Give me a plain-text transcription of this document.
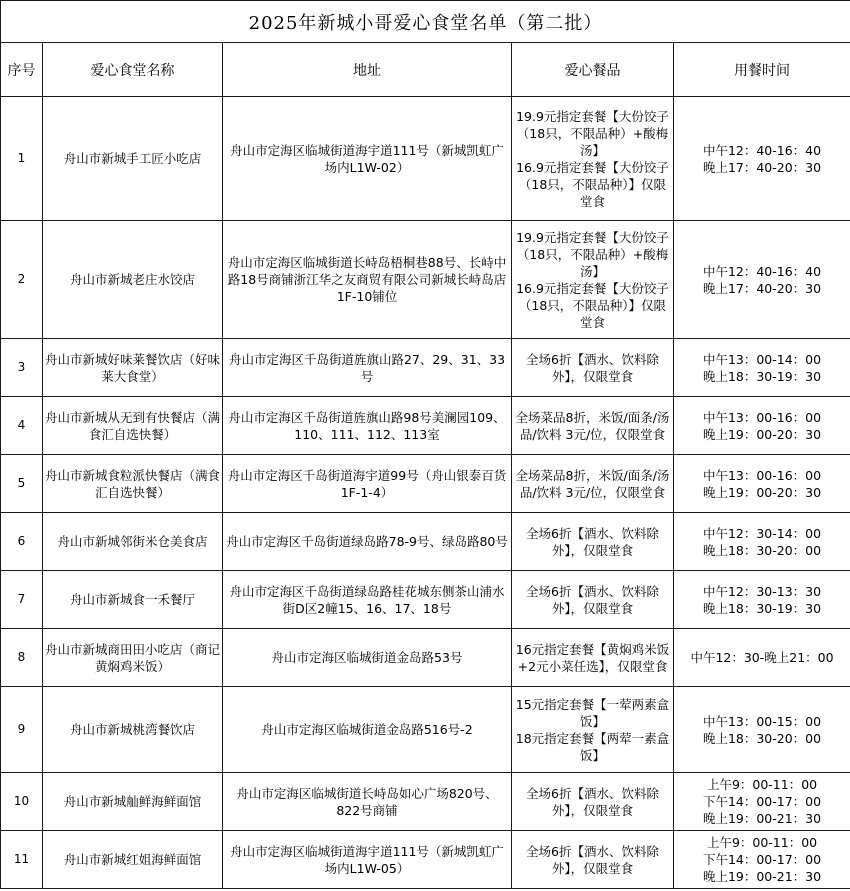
2025年新城小哥爱心食堂名单（第二批）				
序号	爱心食堂名称	地址	爱心餐品	用餐时间
1	舟山市新城手工匠小吃店	舟山市定海区临城街道海宇道111号（新城凯虹广场内L1W-02）	19.9元指定套餐【大份饺子（18只，不限品种）+酸梅汤】
16.9元指定套餐【大份饺子（18只，不限品种）】仅限堂食	中午12：40-16：40
晚上17：40-20：30
2	舟山市新城老庄水饺店	舟山市定海区临城街道长峙岛梧桐巷88号、长峙中路18号商铺浙江华之友商贸有限公司新城长峙岛店1F-10铺位	19.9元指定套餐【大份饺子（18只，不限品种）+酸梅汤】
16.9元指定套餐【大份饺子（18只，不限品种）】仅限堂食	中午12：40-16：40
晚上17：40-20：30
3	舟山市新城好味莱餐饮店（好味莱大食堂）	舟山市定海区千岛街道旌旗山路27、29、31、33号	全场6折【酒水、饮料除外】，仅限堂食	中午13：00-14：00
晚上18：30-19：30
4	舟山市新城从无到有快餐店（满食汇自选快餐）	舟山市定海区千岛街道旌旗山路98号美澜园109、110、111、112、113室	全场菜品8折，米饭/面条/汤品/饮料 3元/位，仅限堂食	中午13：00-16：00
晚上19：00-20：30
5	舟山市新城食粒派快餐店（满食汇自选快餐）	舟山市定海区千岛街道海宇道99号（舟山银泰百货1F-1-4）	全场菜品8折，米饭/面条/汤品/饮料 3元/位，仅限堂食	中午13：00-16：00
晚上19：00-20：30
6	舟山市新城邻街米仓美食店	舟山市定海区千岛街道绿岛路78-9号、绿岛路80号	全场6折【酒水、饮料除外】，仅限堂食	中午12：30-14：00
晚上18：30-20：00
7	舟山市新城食一禾餐厅	舟山市定海区千岛街道绿岛路桂花城东侧茶山浦水街D区2幢15、16、17、18号	全场6折【酒水、饮料除外】，仅限堂食	中午12：30-13：30
晚上18：30-19：30
8	舟山市新城商田田小吃店（商记黄焖鸡米饭）	舟山市定海区临城街道金岛路53号	16元指定套餐【黄焖鸡米饭+2元小菜任选】，仅限堂食	中午12：30-晚上21：00
9	舟山市新城桃湾餐饮店	舟山市定海区临城街道金岛路516号-2	15元指定套餐【一荤两素盒饭】
18元指定套餐【两荤一素盒饭】	中午13：00-15：00
晚上18：30-20：00
10	舟山市新城舢鲜海鲜面馆	舟山市定海区临城街道长峙岛如心广场820号、822号商铺	全场6折【酒水、饮料除外】，仅限堂食	上午9：00-11：00
下午14：00-17：00
晚上19：00-21：30
11	舟山市新城红姐海鲜面馆	舟山市定海区临城街道海宇道111号（新城凯虹广场内L1W-05）	全场6折【酒水、饮料除外】，仅限堂食	上午9：00-11：00
下午14：00-17：00
晚上19：00-21：30
